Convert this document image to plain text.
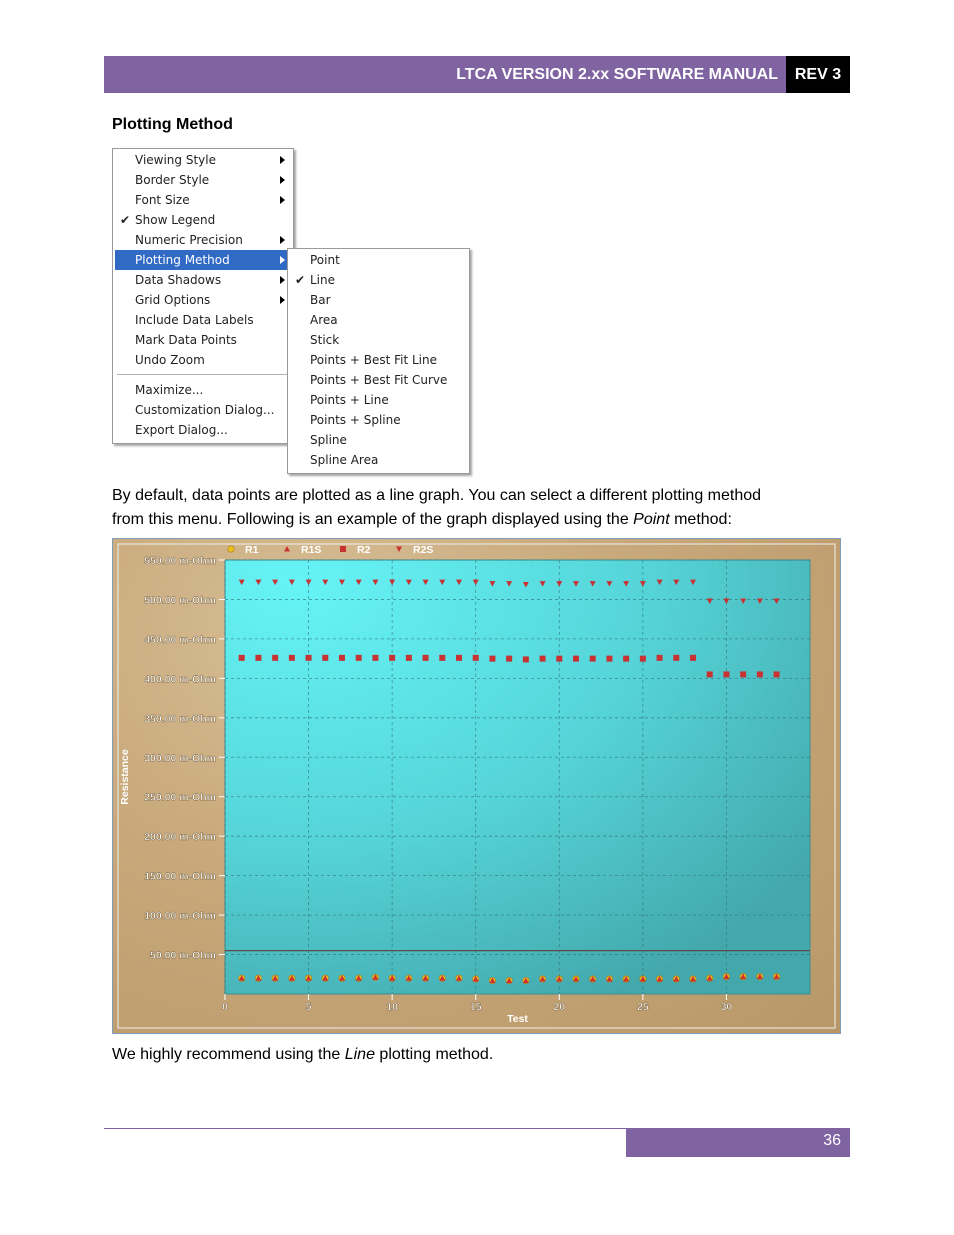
LTCA VERSION 2.xx SOFTWARE MANUAL	REV 3
Plotting Method
Viewing Style
Border Style
Font Size
✔ Show Legend
Numeric Precision
Plotting Method
Data Shadows
Grid Options
Include Data Labels
Mark Data Points
Undo Zoom
Maximize...
Customization Dialog...
Export Dialog...
Point
✔ Line
Bar
Area
Stick
Points + Best Fit Line
Points + Best Fit Curve
Points + Line
Points + Spline
Spline
Spline Area
By default, data points are plotted as a line graph. You can select a different plotting method
from this menu. Following is an example of the graph displayed using the Point method:
50.00 m-Ohm
100.00 m-Ohm
150.00 m-Ohm
200.00 m-Ohm
250.00 m-Ohm
300.00 m-Ohm
350.00 m-Ohm
400.00 m-Ohm
450.00 m-Ohm
500.00 m-Ohm
550.00 m-Ohm
0	5	10	15	20	25	30
Test
Resistance
R1	R1S	R2	R2S
We highly recommend using the Line plotting method.
36
